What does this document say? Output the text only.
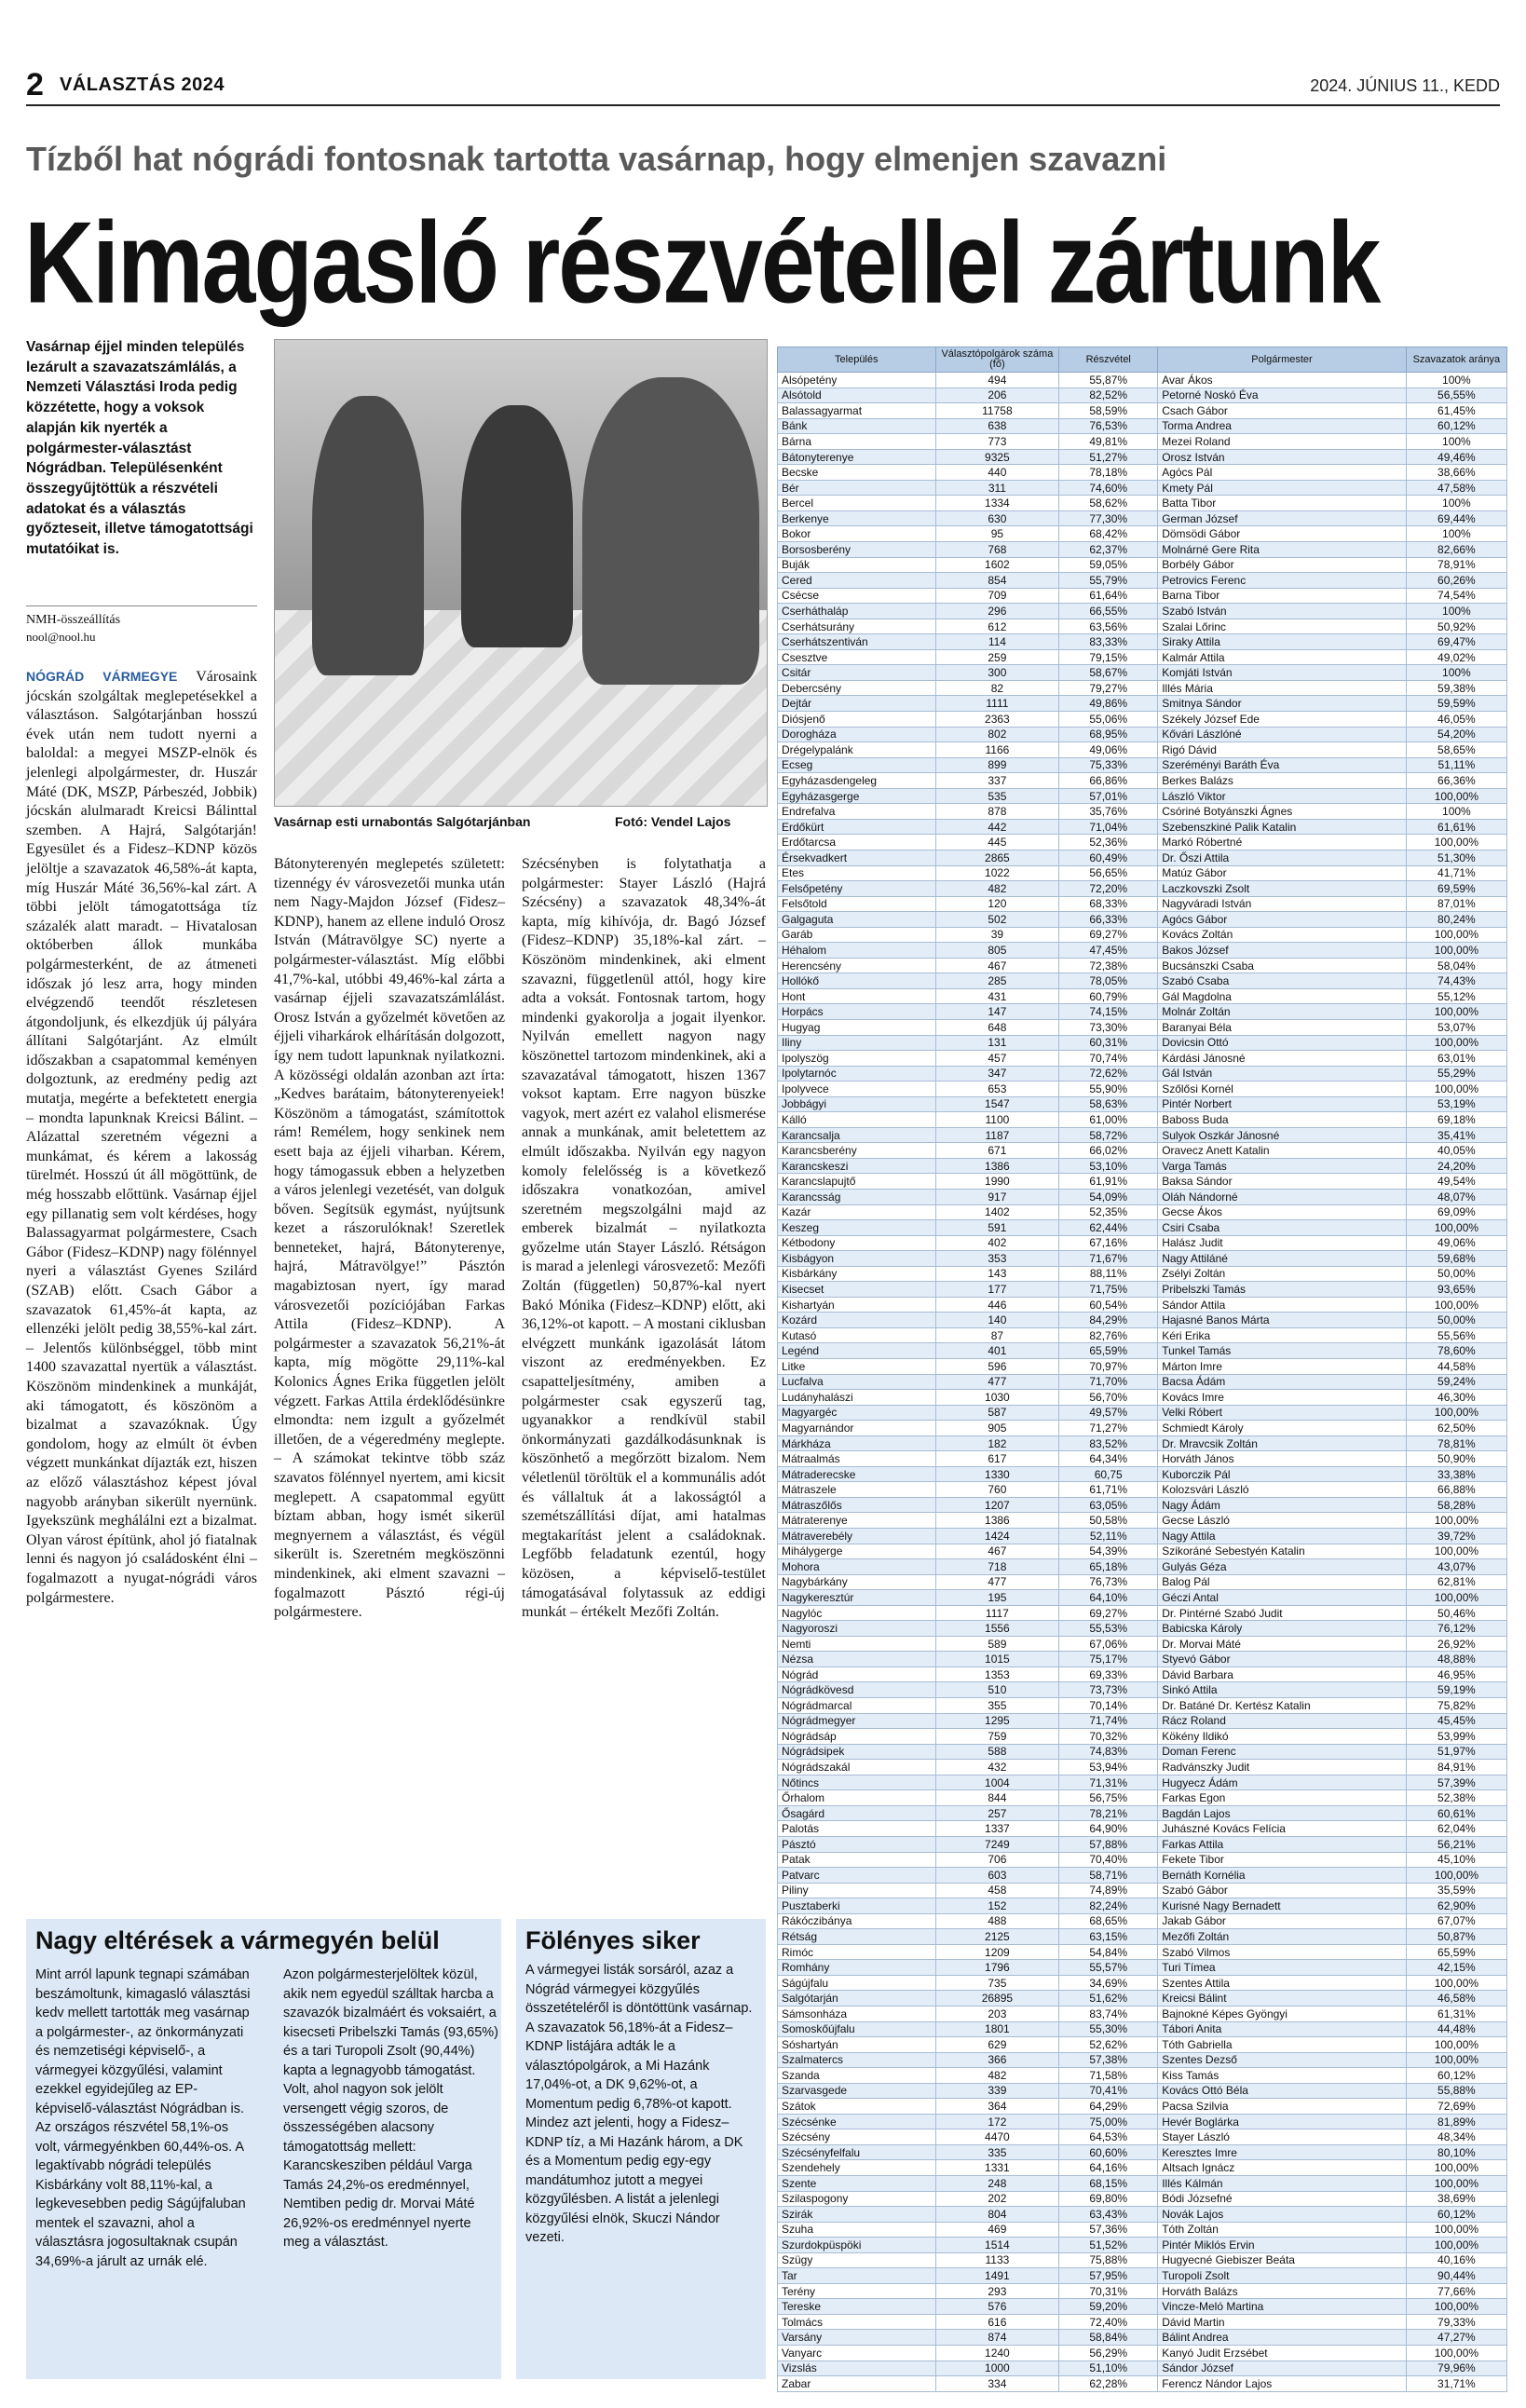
2 VÁLASZTÁS 2024	2024. JÚNIUS 11., KEDD
Tízből hat nógrádi fontosnak tartotta vasárnap, hogy elmenjen szavazni
Kimagasló részvétellel zártunk
Vasárnap éjjel minden település lezárult a szavazatszámlálás, a Nemzeti Választási Iroda pedig közzétette, hogy a voksok alapján kik nyerték a polgármester-választást Nógrádban. Településenként összegyűjtöttük a részvételi adatokat és a választás győzteseit, illetve támogatottsági mutatóikat is.
NMH-összeállítás
nool@nool.hu
Vasárnap esti urnabontás Salgótarjánban	Fotó: Vendel Lajos

NÓGRÁD VÁRMEGYE Városaink jócskán szolgáltak meglepetésekkel a választáson. Salgótarjánban hosszú évek után nem tudott nyerni a baloldal: a megyei MSZP-elnök és jelenlegi alpolgármester, dr. Huszár Máté (DK, MSZP, Párbeszéd, Jobbik) jócskán alulmaradt Kreicsi Bálinttal szemben. A Hajrá, Salgótarján! Egyesület és a Fidesz–KDNP közös jelöltje a szavazatok 46,58%-át kapta, míg Huszár Máté 36,56%-kal zárt. A többi jelölt támogatottsága tíz százalék alatt maradt. – Hivatalosan októberben állok munkába polgármesterként, de az átmeneti időszak jó lesz arra, hogy minden elvégzendő teendőt részletesen átgondoljunk, és elkezdjük új pályára állítani Salgótarjánt. Az elmúlt időszakban a csapatommal keményen dolgoztunk, az eredmény pedig azt mutatja, megérte a befektetett energia – mondta lapunknak Kreicsi Bálint. – Alázattal szeretném végezni a munkámat, és kérem a lakosság türelmét. Hosszú út áll mögöttünk, de még hosszabb előttünk. Vasárnap éjjel egy pillanatig sem volt kérdéses, hogy Balassagyarmat polgármestere, Csach Gábor (Fidesz–KDNP) nagy fölénnyel nyeri a választást Gyenes Szilárd (SZAB) előtt. Csach Gábor a szavazatok 61,45%-át kapta, az ellenzéki jelölt pedig 38,55%-kal zárt. – Jelentős különbséggel, több mint 1400 szavazattal nyertük a választást. Köszönöm mindenkinek a munkáját, aki támogatott, és köszönöm a bizalmat a szavazóknak. Úgy gondolom, hogy az elmúlt öt évben végzett munkánkat díjazták ezt, hiszen az előző választáshoz képest jóval nagyobb arányban sikerült nyernünk. Igyekszünk meghálálni ezt a bizalmat. Olyan várost építünk, ahol jó fiatalnak lenni és nagyon jó családosként élni – fogalmazott a nyugat-nógrádi város polgármestere.

Bátonyterenyén meglepetés született: tizennégy év városvezetői munka után nem Nagy-Majdon József (Fidesz–KDNP), hanem az ellene induló Orosz István (Mátravölgye SC) nyerte a polgármester-választást. Míg előbbi 41,7%-kal, utóbbi 49,46%-kal zárta a vasárnap éjjeli szavazatszámlálást. Orosz István a győzelmét követően az éjjeli viharkárok elhárításán dolgozott, így nem tudott lapunknak nyilatkozni. A közösségi oldalán azonban azt írta: „Kedves barátaim, bátonyterenyeiek! Köszönöm a támogatást, számítottok rám! Remélem, hogy senkinek nem esett baja az éjjeli viharban. Kérem, hogy támogassuk ebben a helyzetben a város jelenlegi vezetését, van dolguk bőven. Segítsük egymást, nyújtsunk kezet a rászorulóknak! Szeretlek benneteket, hajrá, Bátonyterenye, hajrá, Mátravölgye!” Pásztón magabiztosan nyert, így marad városvezetői pozíciójában Farkas Attila (Fidesz–KDNP). A polgármester a szavazatok 56,21%-át kapta, míg mögötte 29,11%-kal Kolonics Ágnes Erika független jelölt végzett. Farkas Attila érdeklődésünkre elmondta: nem izgult a győzelmét illetően, de a végeredmény meglepte. – A számokat tekintve több száz szavatos fölénnyel nyertem, ami kicsit meglepett. A csapatommal együtt bíztam abban, hogy ismét sikerül megnyernem a választást, és végül sikerült is. Szeretném megköszönni mindenkinek, aki elment szavazni – fogalmazott Pásztó régi-új polgármestere.

Szécsényben is folytathatja a polgármester: Stayer László (Hajrá Szécsény) a szavazatok 48,34%-át kapta, míg kihívója, dr. Bagó József (Fidesz–KDNP) 35,18%-kal zárt. – Köszönöm mindenkinek, aki elment szavazni, függetlenül attól, hogy kire adta a voksát. Fontosnak tartom, hogy mindenki gyakorolja a jogait ilyenkor. Nyilván emellett nagyon nagy köszönettel tartozom mindenkinek, aki a szavazatával támogatott, hiszen 1367 voksot kaptam. Erre nagyon büszke vagyok, mert azért ez valahol elismerése annak a munkának, amit beletettem az elmúlt időszakba. Nyilván egy nagyon komoly felelősség is a következő időszakra vonatkozóan, amivel szeretném megszolgálni majd az emberek bizalmát – nyilatkozta győzelme után Stayer László. Rétságon is marad a jelenlegi városvezető: Mezőfi Zoltán (független) 50,87%-kal nyert Bakó Mónika (Fidesz–KDNP) előtt, aki 36,12%-ot kapott. – A mostani ciklusban elvégzett munkánk igazolását látom viszont az eredményekben. Ez csapatteljesítmény, amiben a polgármester csak egyszerű tag, ugyanakkor a rendkívül stabil önkormányzati gazdálkodásunknak is köszönhető a megőrzött bizalom. Nem véletlenül töröltük el a kommunális adót és vállaltuk át a lakosságtól a szemétszállítási díjat, ami hatalmas megtakarítást jelent a családoknak. Legfőbb feladatunk ezentúl, hogy közösen, a képviselő-testület támogatásával folytassuk az eddigi munkát – értékelt Mezőfi Zoltán.

Nagy eltérések a vármegyén belül
Mint arról lapunk tegnapi számában beszámoltunk, kimagasló választási kedv mellett tartották meg vasárnap a polgármester-, az önkormányzati és nemzetiségi képviselő-, a vármegyei közgyűlési, valamint ezekkel egyidejűleg az EP-képviselő-választást Nógrádban is. Az országos részvétel 58,1%-os volt, vármegyénkben 60,44%-os. A legaktívabb nógrádi település Kisbárkány volt 88,11%-kal, a legkevesebben pedig Ságújfaluban mentek el szavazni, ahol a választásra jogosultaknak csupán 34,69%-a járult az urnák elé.
Azon polgármesterjelöltek közül, akik nem egyedül szálltak harcba a szavazók bizalmáért és voksaiért, a kisecseti Pribelszki Tamás (93,65%) és a tari Turopoli Zsolt (90,44%) kapta a legnagyobb támogatást. Volt, ahol nagyon sok jelölt versengett végig szoros, de összességében alacsony támogatottság mellett: Karancskesziben például Varga Tamás 24,2%-os eredménnyel, Nemtiben pedig dr. Morvai Máté 26,92%-os eredménnyel nyerte meg a választást.
Fölényes siker
A vármegyei listák sorsáról, azaz a Nógrád vármegyei közgyűlés összetételéről is döntöttünk vasárnap. A szavazatok 56,18%-át a Fidesz–KDNP listájára adták le a választópolgárok, a Mi Hazánk 17,04%-ot, a DK 9,62%-ot, a Momentum pedig 6,78%-ot kapott. Mindez azt jelenti, hogy a Fidesz–KDNP tíz, a Mi Hazánk három, a DK és a Momentum pedig egy-egy mandátumhoz jutott a megyei közgyűlésben. A listát a jelenlegi közgyűlési elnök, Skuczi Nándor vezeti.
Település	Választópolgárok száma (fő)	Részvétel	Polgármester	Szavazatok aránya
Alsópetény	494	55,87%	Avar Ákos	100%
Alsótold	206	82,52%	Petorné Noskó Éva	56,55%
Balassagyarmat	11758	58,59%	Csach Gábor	61,45%
Bánk	638	76,53%	Torma Andrea	60,12%
Bárna	773	49,81%	Mezei Roland	100%
Bátonyterenye	9325	51,27%	Orosz István	49,46%
Becske	440	78,18%	Agócs Pál	38,66%
Bér	311	74,60%	Kmety Pál	47,58%
Bercel	1334	58,62%	Batta Tibor	100%
Berkenye	630	77,30%	German József	69,44%
Bokor	95	68,42%	Dömsödi Gábor	100%
Borsosberény	768	62,37%	Molnárné Gere Rita	82,66%
Buják	1602	59,05%	Borbély Gábor	78,91%
Cered	854	55,79%	Petrovics Ferenc	60,26%
Csécse	709	61,64%	Barna Tibor	74,54%
Cserháthaláp	296	66,55%	Szabó István	100%
Cserhátsurány	612	63,56%	Szalai Lőrinc	50,92%
Cserhátszentiván	114	83,33%	Siraky Attila	69,47%
Csesztve	259	79,15%	Kalmár Attila	49,02%
Csitár	300	58,67%	Komjáti István	100%
Debercsény	82	79,27%	Illés Mária	59,38%
Dejtár	1111	49,86%	Smitnya Sándor	59,59%
Diósjenő	2363	55,06%	Székely József Ede	46,05%
Dorogháza	802	68,95%	Kővári Lászlóné	54,20%
Drégelypalánk	1166	49,06%	Rigó Dávid	58,65%
Ecseg	899	75,33%	Szeréményi Baráth Éva	51,11%
Egyházasdengeleg	337	66,86%	Berkes Balázs	66,36%
Egyházasgerge	535	57,01%	László Viktor	100,00%
Endrefalva	878	35,76%	Csóriné Botyánszki Ágnes	100%
Erdőkürt	442	71,04%	Szebenszkiné Palik Katalin	61,61%
Erdőtarcsa	445	52,36%	Markó Róbertné	100,00%
Érsekvadkert	2865	60,49%	Dr. Őszi Attila	51,30%
Etes	1022	56,65%	Matúz Gábor	41,71%
Felsőpetény	482	72,20%	Laczkovszki Zsolt	69,59%
Felsőtold	120	68,33%	Nagyváradi István	87,01%
Galgaguta	502	66,33%	Agócs Gábor	80,24%
Garáb	39	69,27%	Kovács Zoltán	100,00%
Héhalom	805	47,45%	Bakos József	100,00%
Herencsény	467	72,38%	Bucsánszki Csaba	58,04%
Hollókő	285	78,05%	Szabó Csaba	74,43%
Hont	431	60,79%	Gál Magdolna	55,12%
Horpács	147	74,15%	Molnár Zoltán	100,00%
Hugyag	648	73,30%	Baranyai Béla	53,07%
Iliny	131	60,31%	Dovicsin Ottó	100,00%
Ipolyszög	457	70,74%	Kárdási Jánosné	63,01%
Ipolytarnóc	347	72,62%	Gál István	55,29%
Ipolyvece	653	55,90%	Szőlősi Kornél	100,00%
Jobbágyi	1547	58,63%	Pintér Norbert	53,19%
Kálló	1100	61,00%	Baboss Buda	69,18%
Karancsalja	1187	58,72%	Sulyok Oszkár Jánosné	35,41%
Karancsberény	671	66,02%	Oravecz Anett Katalin	40,05%
Karancskeszi	1386	53,10%	Varga Tamás	24,20%
Karancslapujtő	1990	61,91%	Baksa Sándor	49,54%
Karancsság	917	54,09%	Oláh Nándorné	48,07%
Kazár	1402	52,35%	Gecse Ákos	69,09%
Keszeg	591	62,44%	Csiri Csaba	100,00%
Kétbodony	402	67,16%	Halász Judit	49,06%
Kisbágyon	353	71,67%	Nagy Attiláné	59,68%
Kisbárkány	143	88,11%	Zsélyi Zoltán	50,00%
Kisecset	177	71,75%	Pribelszki Tamás	93,65%
Kishartyán	446	60,54%	Sándor Attila	100,00%
Kozárd	140	84,29%	Hajasné Banos Márta	50,00%
Kutasó	87	82,76%	Kéri Erika	55,56%
Legénd	401	65,59%	Tunkel Tamás	78,60%
Litke	596	70,97%	Márton Imre	44,58%
Lucfalva	477	71,70%	Bacsa Ádám	59,24%
Ludányhalászi	1030	56,70%	Kovács Imre	46,30%
Magyargéc	587	49,57%	Velki Róbert	100,00%
Magyarnándor	905	71,27%	Schmiedt Károly	62,50%
Márkháza	182	83,52%	Dr. Mravcsik Zoltán	78,81%
Mátraalmás	617	64,34%	Horváth János	50,90%
Mátraderecske	1330	60,75	Kuborczik Pál	33,38%
Mátraszele	760	61,71%	Kolozsvári László	66,88%
Mátraszőlős	1207	63,05%	Nagy Ádám	58,28%
Mátraterenye	1386	50,58%	Gecse László	100,00%
Mátraverebély	1424	52,11%	Nagy Attila	39,72%
Mihálygerge	467	54,39%	Szikoráné Sebestyén Katalin	100,00%
Mohora	718	65,18%	Gulyás Géza	43,07%
Nagybárkány	477	76,73%	Balog Pál	62,81%
Nagykeresztúr	195	64,10%	Géczi Antal	100,00%
Nagylóc	1117	69,27%	Dr. Pintérné Szabó Judit	50,46%
Nagyoroszi	1556	55,53%	Babicska Károly	76,12%
Nemti	589	67,06%	Dr. Morvai Máté	26,92%
Nézsa	1015	75,17%	Styevó Gábor	48,88%
Nógrád	1353	69,33%	Dávid Barbara	46,95%
Nógrádkövesd	510	73,73%	Sinkó Attila	59,19%
Nógrádmarcal	355	70,14%	Dr. Batáné Dr. Kertész Katalin	75,82%
Nógrádmegyer	1295	71,74%	Rácz Roland	45,45%
Nógrádsáp	759	70,32%	Kökény Ildikó	53,99%
Nógrádsipek	588	74,83%	Doman Ferenc	51,97%
Nógrádszakál	432	53,94%	Radvánszky Judit	84,91%
Nőtincs	1004	71,31%	Hugyecz Ádám	57,39%
Őrhalom	844	56,75%	Farkas Egon	52,38%
Ősagárd	257	78,21%	Bagdán Lajos	60,61%
Palotás	1337	64,90%	Juhászné Kovács Felícia	62,04%
Pásztó	7249	57,88%	Farkas Attila	56,21%
Patak	706	70,40%	Fekete Tibor	45,10%
Patvarc	603	58,71%	Bernáth Kornélia	100,00%
Piliny	458	74,89%	Szabó Gábor	35,59%
Pusztaberki	152	82,24%	Kurisné Nagy Bernadett	62,90%
Rákóczibánya	488	68,65%	Jakab Gábor	67,07%
Rétság	2125	63,15%	Mezőfi Zoltán	50,87%
Rimóc	1209	54,84%	Szabó Vilmos	65,59%
Romhány	1796	55,57%	Turi Tímea	42,15%
Ságújfalu	735	34,69%	Szentes Attila	100,00%
Salgótarján	26895	51,62%	Kreicsi Bálint	46,58%
Sámsonháza	203	83,74%	Bajnokné Képes Gyöngyi	61,31%
Somoskőújfalu	1801	55,30%	Tábori Anita	44,48%
Sóshartyán	629	52,62%	Tóth Gabriella	100,00%
Szalmatercs	366	57,38%	Szentes Dezső	100,00%
Szanda	482	71,58%	Kiss Tamás	60,12%
Szarvasgede	339	70,41%	Kovács Ottó Béla	55,88%
Szátok	364	64,29%	Pacsa Szilvia	72,69%
Szécsénke	172	75,00%	Hevér Boglárka	81,89%
Szécsény	4470	64,53%	Stayer László	48,34%
Szécsényfelfalu	335	60,60%	Keresztes Imre	80,10%
Szendehely	1331	64,16%	Altsach Ignácz	100,00%
Szente	248	68,15%	Illés Kálmán	100,00%
Szilaspogony	202	69,80%	Bódi Józsefné	38,69%
Szirák	804	63,43%	Novák Lajos	60,12%
Szuha	469	57,36%	Tóth Zoltán	100,00%
Szurdokpüspöki	1514	51,52%	Pintér Miklós Ervin	100,00%
Szügy	1133	75,88%	Hugyecné Giebiszer Beáta	40,16%
Tar	1491	57,95%	Turopoli Zsolt	90,44%
Terény	293	70,31%	Horváth Balázs	77,66%
Tereske	576	59,20%	Vincze-Meló Martina	100,00%
Tolmács	616	72,40%	Dávid Martin	79,33%
Varsány	874	58,84%	Bálint Andrea	47,27%
Vanyarc	1240	56,29%	Kanyó Judit Erzsébet	100,00%
Vizslás	1000	51,10%	Sándor József	79,96%
Zabar	334	62,28%	Ferencz Nándor Lajos	31,71%
